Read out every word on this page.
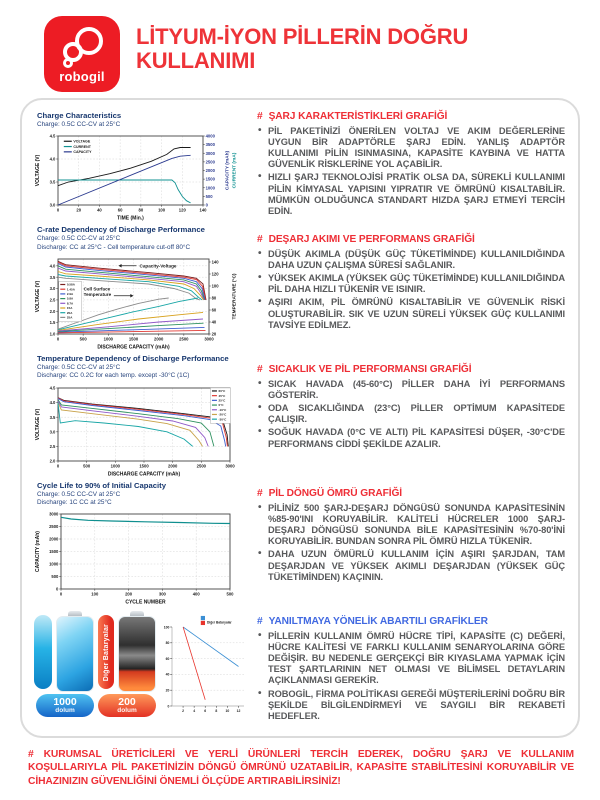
robogil
LİTYUM-İYON PİLLERİN DOĞRU
KULLANIMI
Charge Characteristics
Charge: 0.5C CC-CV at 25°C
0	20	40	60	80	100	120	140
3.0
3.5
4.0
4.5
0
500
1000
1500
2000
2500
3000
3500
4000
CAPACITY (mAh) CURRENT (mA)
TIME (Min.)
VOLTAGE (V)
VOLTAGE
CURRENT
CAPACITY
C-rate Dependency of Discharge Performance
Charge: 0.5C CC-CV at 25°C
Discharge: CC at 25°C - Cell temperature cut-off 80°C
0	500	1000	1500	2000	2500	3000
1.0
1.5
2.0
2.5
3.0
3.5
4.0
20
40
60
80
100
120
140
TEMPERATURE (°C)
DISCHARGE CAPACITY (mAh)
VOLTAGE (V)	0.58A
1.45A
2.9A
5.8A
8.7A
15A
20A
25A
Capacity-Voltage
Cell Surface
Temperature
Temperature Dependency of Discharge Performance
Charge: 0.5C CC-CV at 25°C
Discharge: CC 0.2C for each temp. except -30°C (1C)
0	500	1000	1500	2000	2500	3000
2.0
2.5
3.0
3.5
4.0
4.5
DISCHARGE CAPACITY (mAh)
VOLTAGE (V)
60°C
45°C
25°C
0°C
-10°C
-20°C
-30°C
Cycle Life to 90% of Initial Capacity
Charge: 0.5C CC-CV at 25°C
Discharge: 1C CC at 25°C
0	100	200	300	400	500
0
500
1000
1500
2000
2500
3000
CYCLE NUMBER
CAPACITY (mAh)
Diğer Bataryalar
1000
dolum
200
dolum	2	4	6	8 10 12
0
20
40
60
80
100
Diğer Bataryalar
# ŞARJ KARAKTERİSTİKLERİ GRAFİĞİ
• PİL PAKETİNİZİ ÖNERİLEN VOLTAJ VE AKIM DEĞERLERİNE UYGUN BİR ADAPTÖRLE ŞARJ EDİN. YANLIŞ ADAPTÖR KULLANIMI PİLİN ISINMASINA, KAPASİTE KAYBINA VE HATTA GÜVENLİK RİSKLERİNE YOL AÇABİLİR.
• HIZLI ŞARJ TEKNOLOJİSİ PRATİK OLSA DA, SÜREKLİ KULLANIMI PİLİN KİMYASAL YAPISINI YIPRATIR VE ÖMRÜNÜ KISALTABİLİR. MÜMKÜN OLDUĞUNCA STANDART HIZDA ŞARJ ETMEYİ TERCİH EDİN.
# DEŞARJ AKIMI VE PERFORMANS GRAFİĞİ
• DÜŞÜK AKIMLA (DÜŞÜK GÜÇ TÜKETİMİNDE) KULLANILDIĞINDA DAHA UZUN ÇALIŞMA SÜRESİ SAĞLANIR.
• YÜKSEK AKIMLA (YÜKSEK GÜÇ TÜKETİMİNDE) KULLANILDIĞINDA PİL DAHA HIZLI TÜKENİR VE ISINIR.
• AŞIRI AKIM, PİL ÖMRÜNÜ KISALTABİLİR VE GÜVENLİK RİSKİ OLUŞTURABİLİR. SIK VE UZUN SÜRELİ YÜKSEK GÜÇ KULLANIMI TAVSİYE EDİLMEZ.
# SICAKLIK VE PİL PERFORMANSI GRAFİĞİ
• SICAK HAVADA (45-60°C) PİLLER DAHA İYİ PERFORMANS GÖSTERİR.
• ODA SICAKLIĞINDA (23°C) PİLLER OPTİMUM KAPASİTEDE ÇALIŞIR.
• SOĞUK HAVADA (0°C VE ALTI) PİL KAPASİTESİ DÜŞER, -30°C'DE PERFORMANS CİDDİ ŞEKİLDE AZALIR.
# PİL DÖNGÜ ÖMRÜ GRAFİĞİ
• PİLİNİZ 500 ŞARJ-DEŞARJ DÖNGÜSÜ SONUNDA KAPASİTESİNİN %85-90'INI KORUYABİLİR. KALİTELİ HÜCRELER 1000 ŞARJ-DEŞARJ DÖNGÜSÜ SONUNDA BİLE KAPASİTESİNİN %70-80'İNİ KORUYABİLİR. BUNDAN SONRA PİL ÖMRÜ HIZLA TÜKENİR.
• DAHA UZUN ÖMÜRLÜ KULLANIM İÇİN AŞIRI ŞARJDAN, TAM DEŞARJDAN VE YÜKSEK AKIMLI DEŞARJDAN (YÜKSEK GÜÇ TÜKETİMİNDEN) KAÇININ.
# YANILTMAYA YÖNELİK ABARTILI GRAFİKLER
• PİLLERİN KULLANIM ÖMRÜ HÜCRE TİPİ, KAPASİTE (C) DEĞERİ, HÜCRE KALİTESİ VE FARKLI KULLANIM SENARYOLARINA GÖRE DEĞİŞİR. BU NEDENLE GERÇEKÇİ BİR KIYASLAMA YAPMAK İÇİN TEST ŞARTLARININ NET OLMASI VE BİLİMSEL DETAYLARIN AÇIKLANMASI GEREKİR.
• ROBOGİL, FİRMA POLİTİKASI GEREĞİ MÜŞTERİLERİNİ DOĞRU BİR ŞEKİLDE BİLGİLENDİRMEYİ VE SAYGILI BİR REKABETİ HEDEFLER.

# KURUMSAL ÜRETİCİLERİ VE YERLİ ÜRÜNLERİ TERCİH EDEREK, DOĞRU ŞARJ VE KULLANIM KOŞULLARIYLA PİL PAKETİNİZİN DÖNGÜ ÖMRÜNÜ UZATABİLİR, KAPASİTE STABİLİTESİNİ KORUYABİLİR VE CİHAZINIZIN GÜVENLİĞİNİ ÖNEMLİ ÖLÇÜDE ARTIRABİLİRSİNİZ!
